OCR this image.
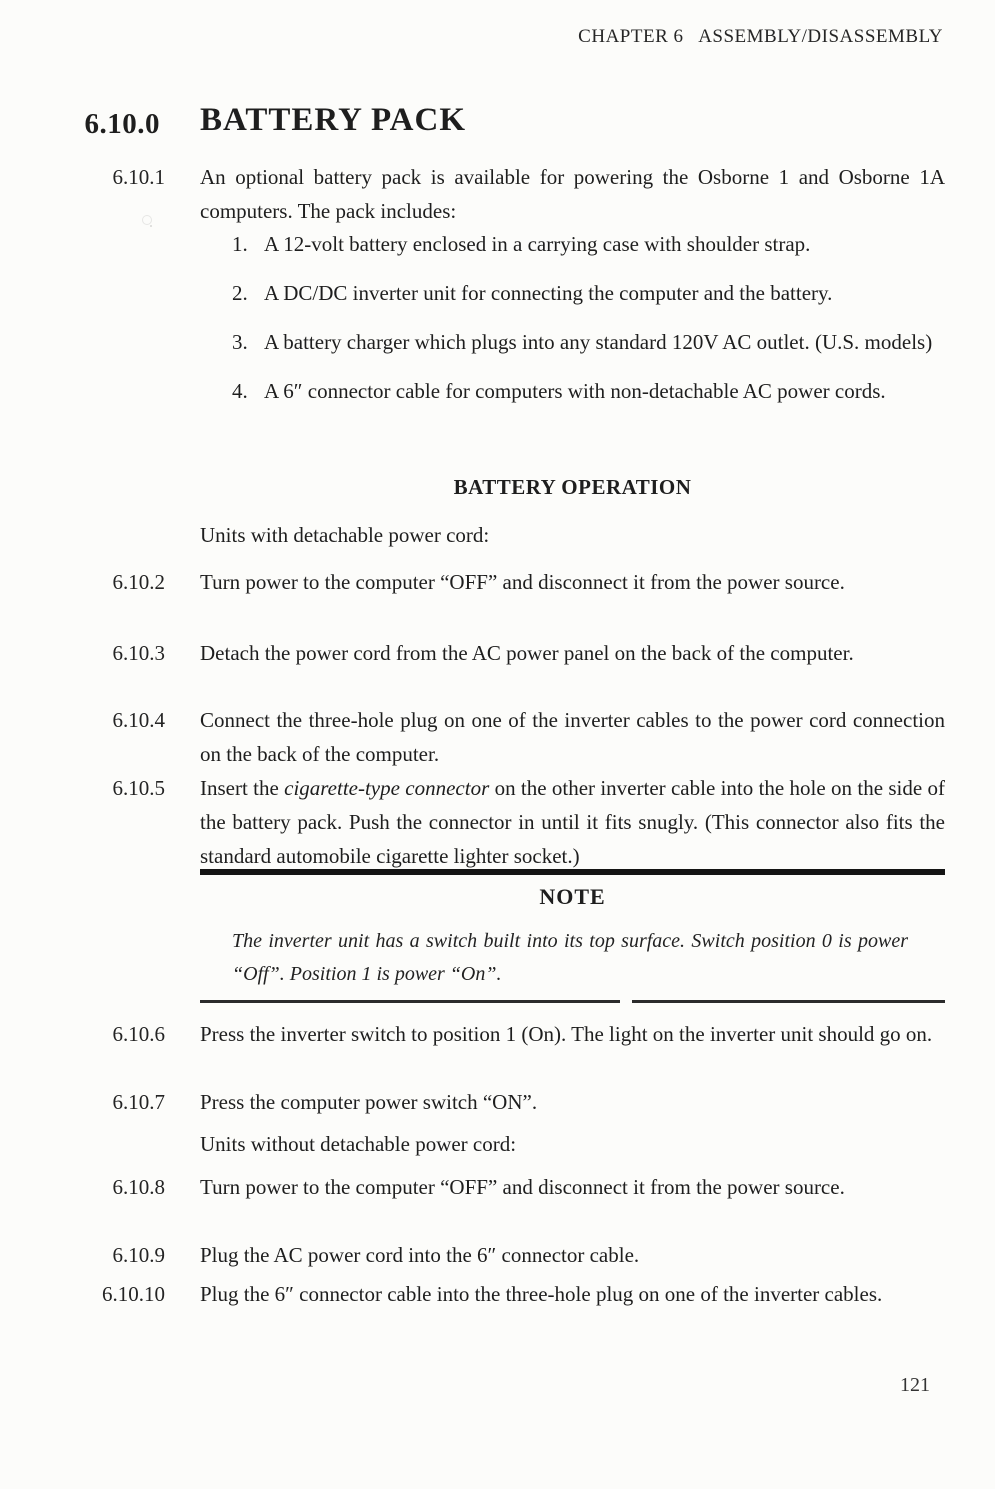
CHAPTER 6   ASSEMBLY/DISASSEMBLY
6.10.0 BATTERY PACK
6.10.1 An optional battery pack is available for powering the Osborne 1 and Osborne 1A computers. The pack includes:
1. A 12-volt battery enclosed in a carrying case with shoulder strap.
2. A DC/DC inverter unit for connecting the computer and the battery.
3. A battery charger which plugs into any standard 120V AC outlet. (U.S. models)
4. A 6″ connector cable for computers with non-detachable AC power cords.
BATTERY OPERATION
Units with detachable power cord:
6.10.2 Turn power to the computer “OFF” and disconnect it from the power source.
6.10.3 Detach the power cord from the AC power panel on the back of the computer.
6.10.4 Connect the three-hole plug on one of the inverter cables to the power cord connection on the back of the computer.
6.10.5 Insert the cigarette-type connector on the other inverter cable into the hole on the side of the battery pack. Push the connector in until it fits snugly. (This connector also fits the standard automobile cigarette lighter socket.)
NOTE
The inverter unit has a switch built into its top surface. Switch position 0 is power “Off”. Position 1 is power “On”.
6.10.6 Press the inverter switch to position 1 (On). The light on the inverter unit should go on.
6.10.7 Press the computer power switch “ON”.
Units without detachable power cord:
6.10.8 Turn power to the computer “OFF” and disconnect it from the power source.
6.10.9 Plug the AC power cord into the 6″ connector cable.
6.10.10 Plug the 6″ connector cable into the three-hole plug on one of the inverter cables.
121
